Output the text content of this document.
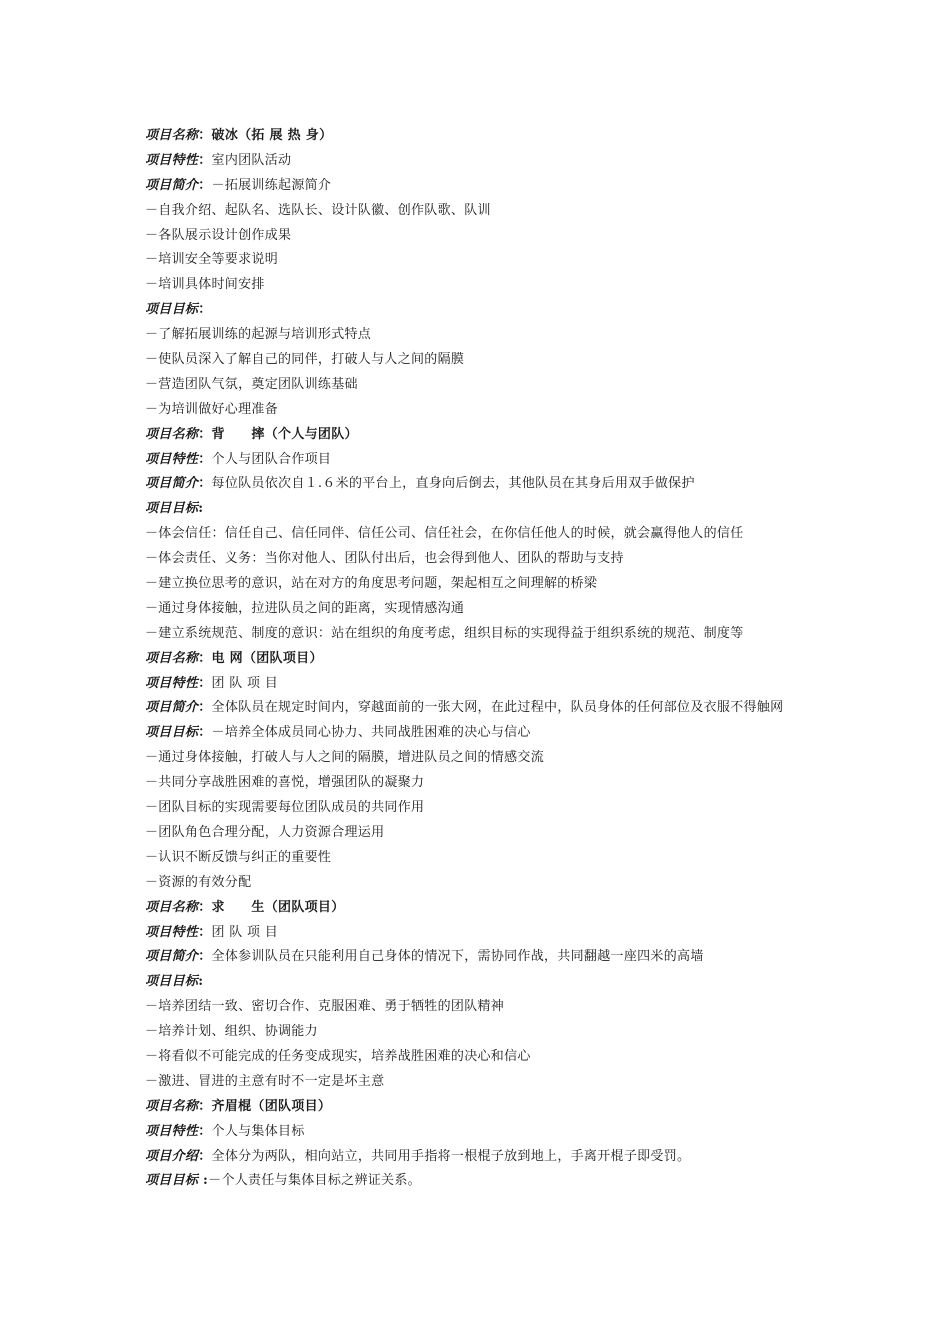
项目名称：破冰（拓 展 热 身）
项目特性：室内团队活动
项目简介：－拓展训练起源简介
－自我介绍、起队名、选队长、设计队徽、创作队歌、队训
－各队展示设计创作成果
－培训安全等要求说明
－培训具体时间安排
项目目标：
－了解拓展训练的起源与培训形式特点
－使队员深入了解自己的同伴，打破人与人之间的隔膜
－营造团队气氛，奠定团队训练基础
－为培训做好心理准备
项目名称：背　　摔（个人与团队）
项目特性：个人与团队合作项目
项目简介：每位队员依次自１.６米的平台上，直身向后倒去，其他队员在其身后用双手做保护
项目目标:
－体会信任：信任自己、信任同伴、信任公司、信任社会，在你信任他人的时候，就会赢得他人的信任
－体会责任、义务：当你对他人、团队付出后，也会得到他人、团队的帮助与支持
－建立换位思考的意识，站在对方的角度思考问题，架起相互之间理解的桥梁
－通过身体接触，拉进队员之间的距离，实现情感沟通
－建立系统规范、制度的意识：站在组织的角度考虑，组织目标的实现得益于组织系统的规范、制度等
项目名称：电 网（团队项目）
项目特性：团 队 项 目
项目简介：全体队员在规定时间内，穿越面前的一张大网，在此过程中，队员身体的任何部位及衣服不得触网
项目目标：－培养全体成员同心协力、共同战胜困难的决心与信心
－通过身体接触，打破人与人之间的隔膜，增进队员之间的情感交流
－共同分享战胜困难的喜悦，增强团队的凝聚力
－团队目标的实现需要每位团队成员的共同作用
－团队角色合理分配，人力资源合理运用
－认识不断反馈与纠正的重要性
－资源的有效分配
项目名称：求　　生（团队项目）
项目特性：团 队 项 目
项目简介：全体参训队员在只能利用自己身体的情况下，需协同作战，共同翻越一座四米的高墙
项目目标:
－培养团结一致、密切合作、克服困难、勇于牺牲的团队精神
－培养计划、组织、协调能力
－将看似不可能完成的任务变成现实，培养战胜困难的决心和信心
－激进、冒进的主意有时不一定是坏主意
项目名称：齐眉棍（团队项目）
项目特性：个人与集体目标
项目介绍：全体分为两队，相向站立，共同用手指将一根棍子放到地上，手离开棍子即受罚。
项目目标 :－个人责任与集体目标之辨证关系。
